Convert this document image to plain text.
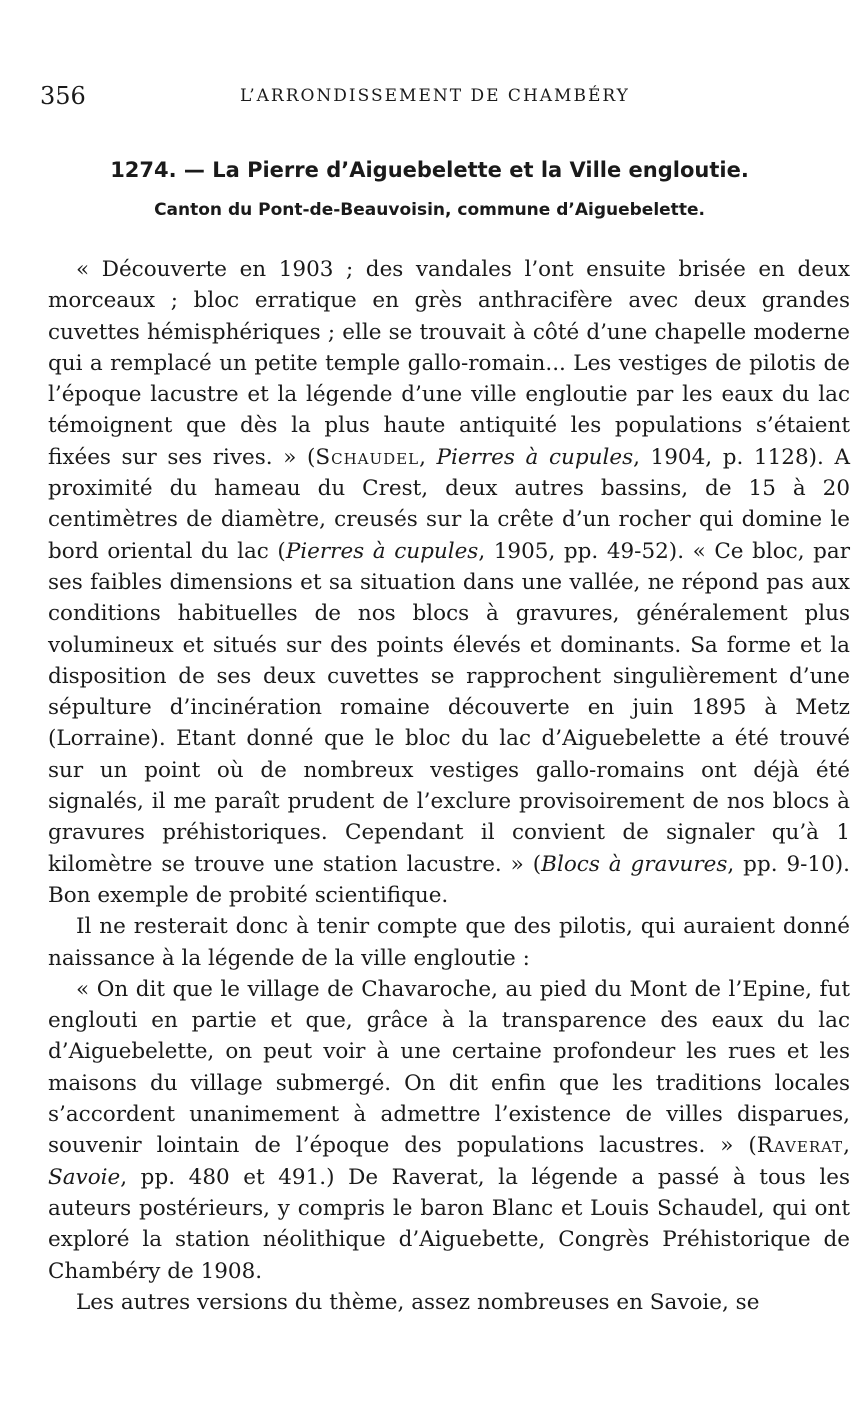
356	L’ARRONDISSEMENT DE CHAMBÉRY
1274. — La Pierre d’Aiguebelette et la Ville engloutie.
Canton du Pont-de-Beauvoisin, commune d’Aiguebelette.

« Découverte en 1903 ; des vandales l’ont ensuite brisée en deux morceaux ; bloc erratique en grès anthracifère avec deux grandes cuvettes hémisphériques ; elle se trouvait à côté d’une chapelle moderne qui a remplacé un petite temple gallo-romain... Les vestiges de pilotis de l’époque lacustre et la légende d’une ville engloutie par les eaux du lac témoignent que dès la plus haute antiquité les populations s’étaient fixées sur ses rives. » (Schaudel, Pierres à cupules, 1904, p. 1128). A proximité du hameau du Crest, deux autres bassins, de 15 à 20 centimètres de diamètre, creusés sur la crête d’un rocher qui domine le bord oriental du lac (Pierres à cupules, 1905, pp. 49-52). « Ce bloc, par ses faibles dimensions et sa situation dans une vallée, ne répond pas aux conditions habituelles de nos blocs à gravures, généralement plus volumineux et situés sur des points élevés et dominants. Sa forme et la disposition de ses deux cuvettes se rapprochent singulièrement d’une sépulture d’incinération romaine découverte en juin 1895 à Metz (Lorraine). Etant donné que le bloc du lac d’Aiguebelette a été trouvé sur un point où de nombreux vestiges gallo-romains ont déjà été signalés, il me paraît prudent de l’exclure provisoirement de nos blocs à gravures préhistoriques. Cependant il convient de signaler qu’à 1 kilomètre se trouve une station lacustre. » (Blocs à gravures, pp. 9-10). Bon exemple de probité scientifique.

Il ne resterait donc à tenir compte que des pilotis, qui auraient donné naissance à la légende de la ville engloutie :

« On dit que le village de Chavaroche, au pied du Mont de l’Epine, fut englouti en partie et que, grâce à la transparence des eaux du lac d’Aiguebelette, on peut voir à une certaine profondeur les rues et les maisons du village submergé. On dit enfin que les traditions locales s’accordent unanimement à admettre l’existence de villes disparues, souvenir lointain de l’époque des populations lacustres. » (Raverat, Savoie, pp. 480 et 491.) De Raverat, la légende a passé à tous les auteurs postérieurs, y compris le baron Blanc et Louis Schaudel, qui ont exploré la station néolithique d’Aiguebette, Congrès Préhistorique de Chambéry de 1908.

Les autres versions du thème, assez nombreuses en Savoie, se
